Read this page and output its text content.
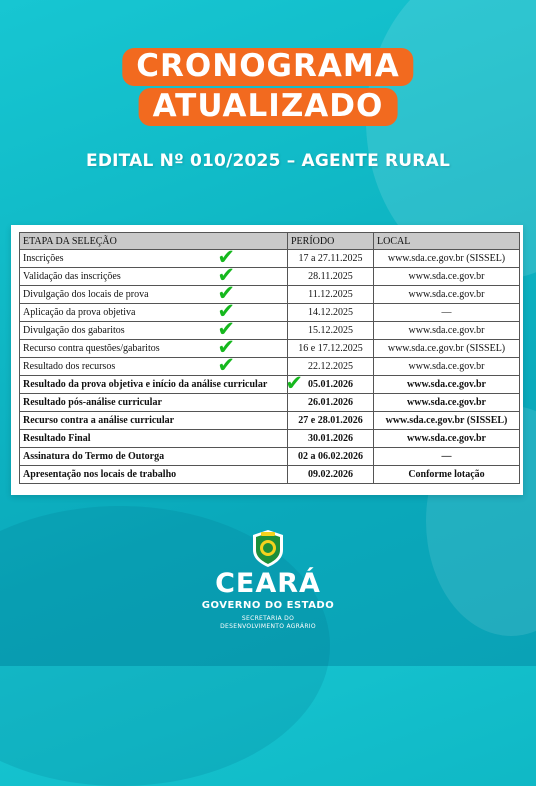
CRONOGRAMA
ATUALIZADO
EDITAL Nº 010/2025 – AGENTE RURAL
ETAPA DA SELEÇÃO	PERÍODO	LOCAL
Inscrições ✔	17 a 27.11.2025	www.sda.ce.gov.br (SISSEL)
Validação das inscrições ✔	28.11.2025	www.sda.ce.gov.br
Divulgação dos locais de prova ✔	11.12.2025	www.sda.ce.gov.br
Aplicação da prova objetiva ✔	14.12.2025	—
Divulgação dos gabaritos ✔	15.12.2025	www.sda.ce.gov.br
Recurso contra questões/gabaritos ✔	16 e 17.12.2025	www.sda.ce.gov.br (SISSEL)
Resultado dos recursos ✔	22.12.2025	www.sda.ce.gov.br
Resultado da prova objetiva e início da análise curricular ✔	05.01.2026	www.sda.ce.gov.br
Resultado pós-análise curricular	26.01.2026	www.sda.ce.gov.br
Recurso contra a análise curricular	27 e 28.01.2026	www.sda.ce.gov.br (SISSEL)
Resultado Final	30.01.2026	www.sda.ce.gov.br
Assinatura do Termo de Outorga	02 a 06.02.2026	—
Apresentação nos locais de trabalho	09.02.2026	Conforme lotação
CEARÁ
GOVERNO DO ESTADO
SECRETARIA DO
DESENVOLVIMENTO AGRÁRIO
